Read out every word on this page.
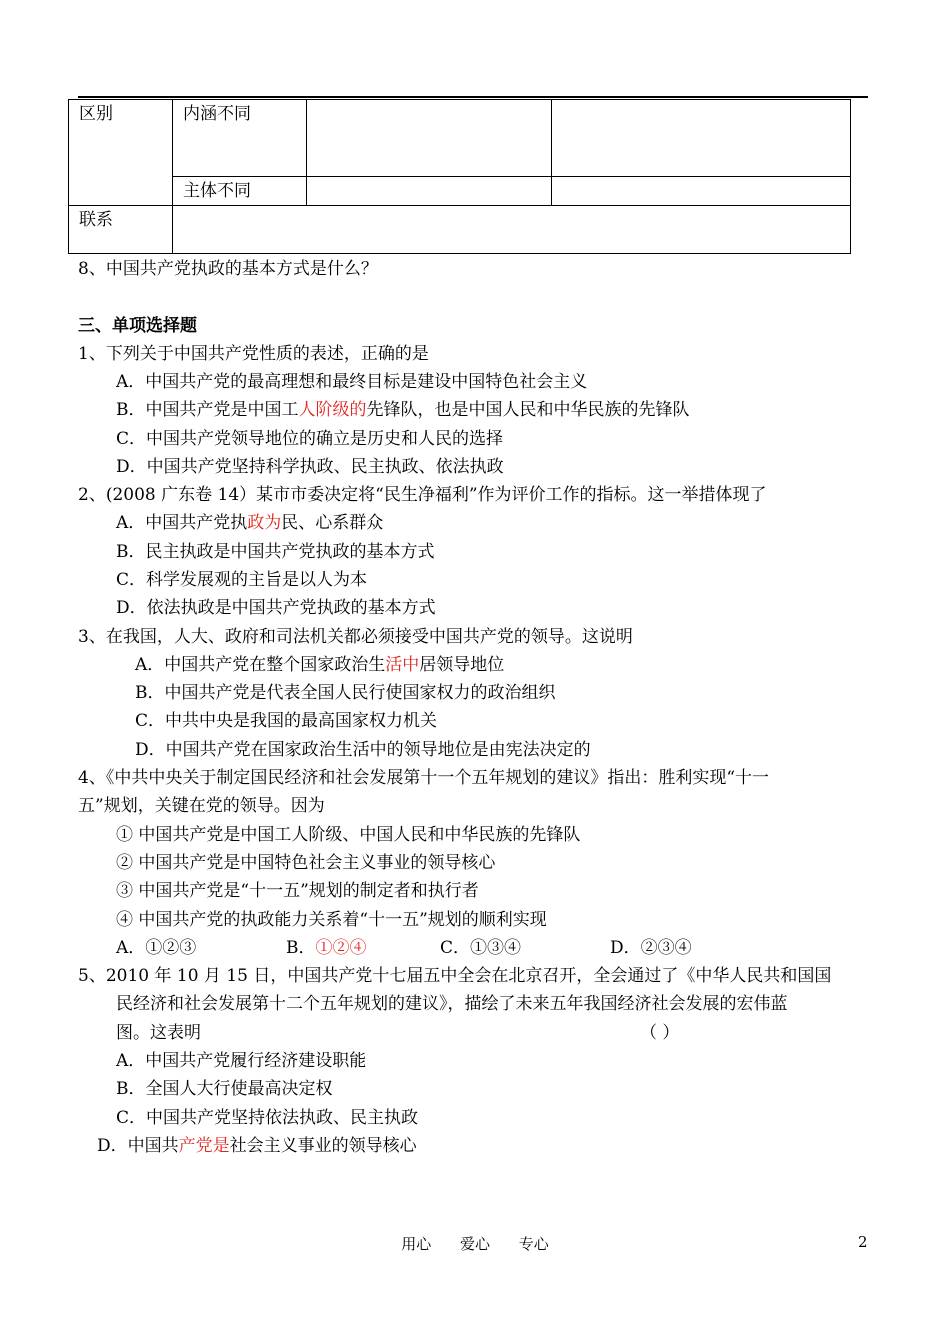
区别	内涵不同		
	主体不同		
联系			
8、中国共产党执政的基本方式是什么？
三、单项选择题
1、下列关于中国共产党性质的表述，正确的是
A．中国共产党的最高理想和最终目标是建设中国特色社会主义
B．中国共产党是中国工人阶级的先锋队，也是中国人民和中华民族的先锋队
C．中国共产党领导地位的确立是历史和人民的选择
D．中国共产党坚持科学执政、民主执政、依法执政
2、(2008 广东卷 14）某市市委决定将“民生净福利”作为评价工作的指标。这一举措体现了
A．中国共产党执政为民、心系群众
B．民主执政是中国共产党执政的基本方式
C．科学发展观的主旨是以人为本
D．依法执政是中国共产党执政的基本方式
3、在我国，人大、政府和司法机关都必须接受中国共产党的领导。这说明
A．中国共产党在整个国家政治生活中居领导地位
B．中国共产党是代表全国人民行使国家权力的政治组织
C．中共中央是我国的最高国家权力机关
D．中国共产党在国家政治生活中的领导地位是由宪法决定的
4、《中共中央关于制定国民经济和社会发展第十一个五年规划的建议》指出：胜利实现“十一
五”规划，关键在党的领导。因为
① 中国共产党是中国工人阶级、中国人民和中华民族的先锋队
② 中国共产党是中国特色社会主义事业的领导核心
③ 中国共产党是“十一五”规划的制定者和执行者
④ 中国共产党的执政能力关系着“十一五”规划的顺利实现
A．①②③	B．①②④	C．①③④	D．②③④
5、2010 年 10 月 15 日，中国共产党十七届五中全会在北京召开，全会通过了《中华人民共和国国
民经济和社会发展第十二个五年规划的建议》，描绘了未来五年我国经济社会发展的宏伟蓝
图。这表明	（ ）
A．中国共产党履行经济建设职能
B．全国人大行使最高决定权
C．中国共产党坚持依法执政、民主执政
D．中国共产党是社会主义事业的领导核心
用心 爱心 专心	2
